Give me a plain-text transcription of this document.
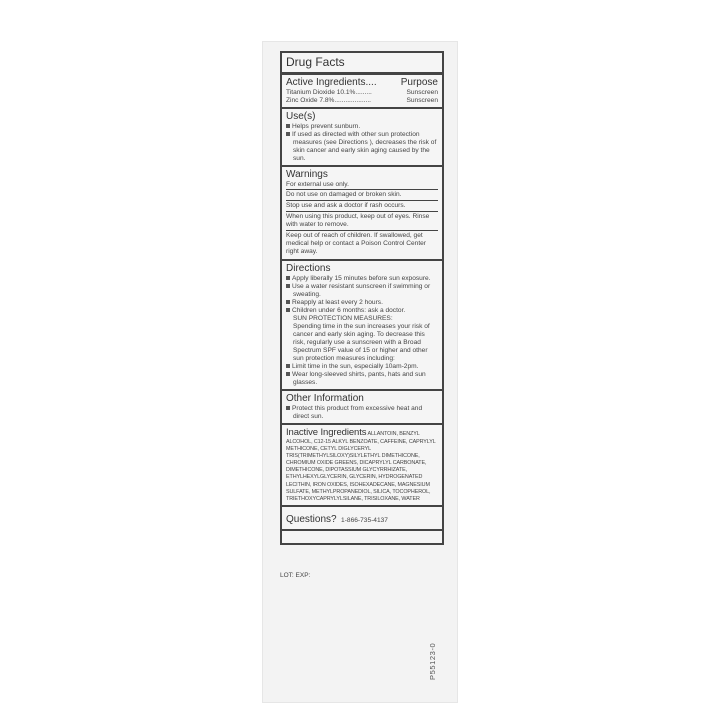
Drug Facts
Active Ingredients ....	Purpose
Titanium Dioxide 10.1% .........	Sunscreen
Zinc Oxide 7.8% ....................	Sunscreen
Use(s)
Helps prevent sunburn.
If used as directed with other sun protection measures (see Directions ), decreases the risk of skin cancer and early skin aging caused by the sun.
Warnings
For external use only.
Do not use on damaged or broken skin.
Stop use and ask a doctor if rash occurs.
When using this product, keep out of eyes. Rinse with water to remove.
Keep out of reach of children. If swallowed, get medical help or contact a Poison Control Center right away.
Directions
Apply liberally 15 minutes before sun exposure.
Use a water resistant sunscreen if swimming or sweating.
Reapply at least every 2 hours.
Children under 6 months: ask a doctor.
SUN PROTECTION MEASURES:
Spending time in the sun increases your risk of cancer and early skin aging. To decrease this risk, regularly use a sunscreen with a Broad Spectrum SPF value of 15 or higher and other sun protection measures including:
Limit time in the sun, especially 10am-2pm.
Wear long-sleeved shirts, pants, hats and sun glasses.
Other Information
Protect this product from excessive heat and direct sun.
Inactive Ingredients ALLANTOIN, BENZYL ALCOHOL, C12-15 ALKYL BENZOATE, CAFFEINE, CAPRYLYL METHICONE, CETYL DIGLYCERYL TRIS(TRIMETHYLSILOXY)SILYLETHYL DIMETHICONE, CHROMIUM OXIDE GREENS, DICAPRYLYL CARBONATE, DIMETHICONE, DIPOTASSIUM GLYCYRRHIZATE, ETHYLHEXYLGLYCERIN, GLYCERIN, HYDROGENATED LECITHIN, IRON OXIDES, ISOHEXADECANE, MAGNESIUM SULFATE, METHYLPROPANEDIOL, SILICA, TOCOPHEROL, TRIETHOXYCAPRYLYLSILANE, TRISILOXANE, WATER
Questions? 1-866-735-4137
LOT: EXP:
P55123-0
